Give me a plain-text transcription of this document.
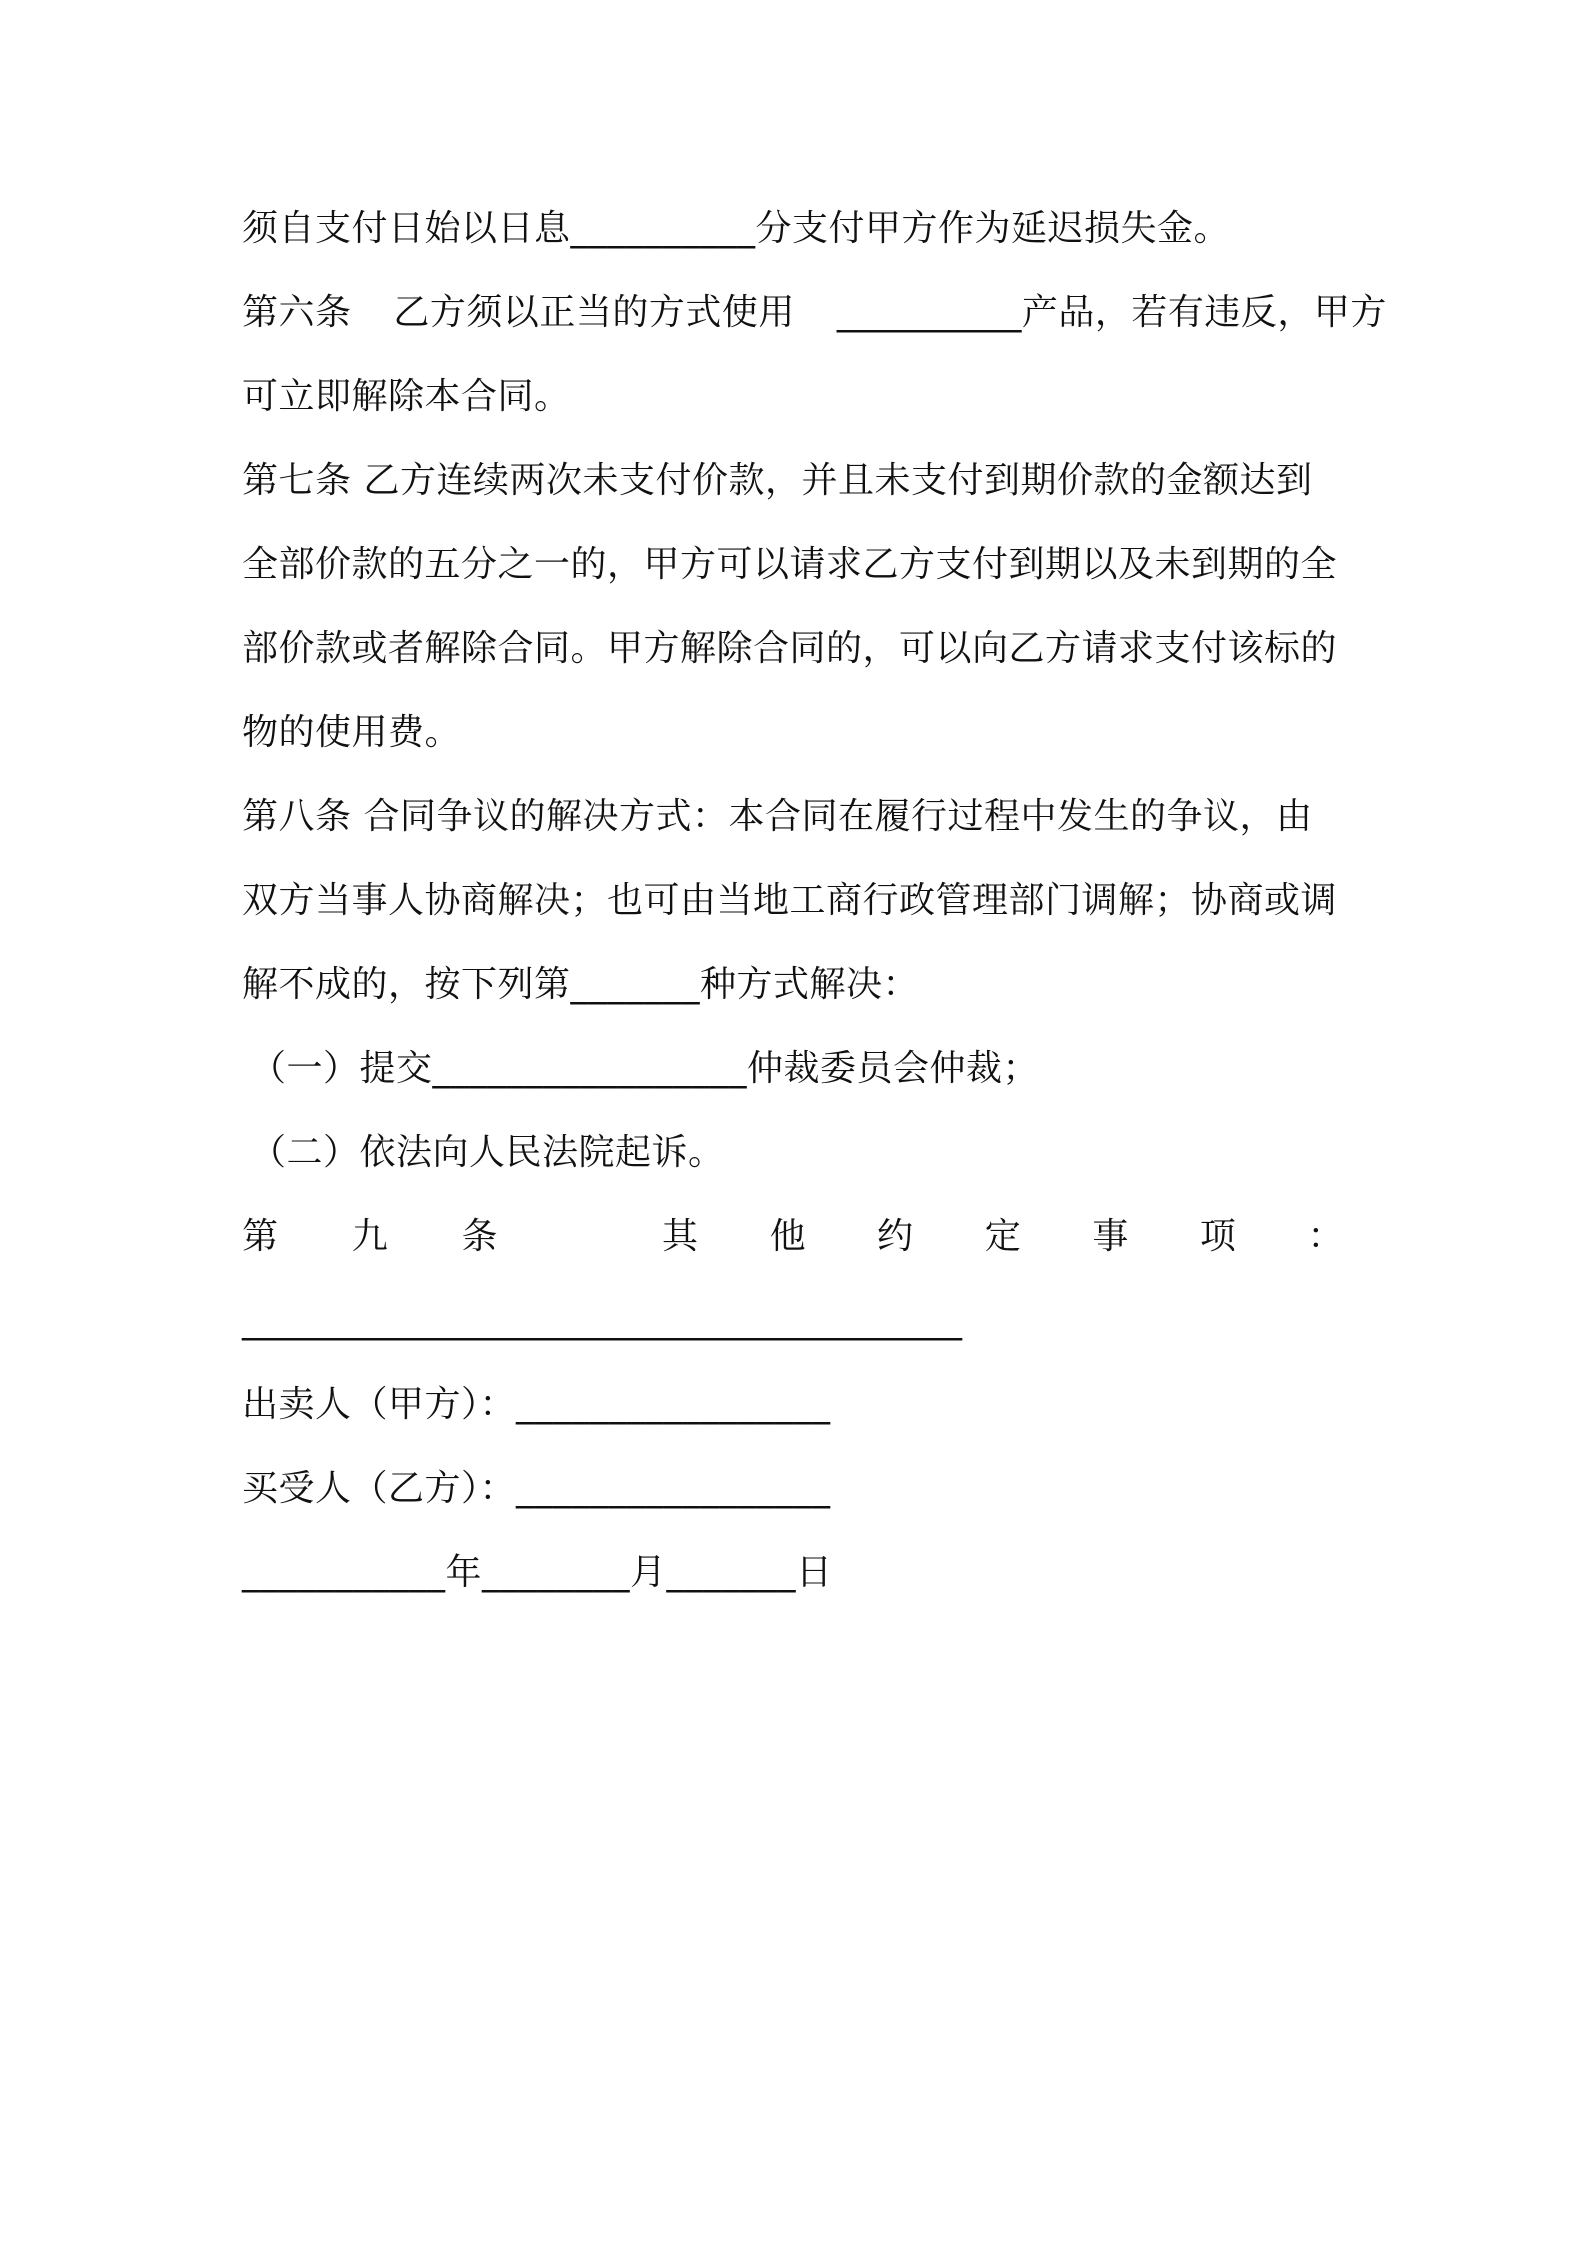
须自支付日始以日息__________分支付甲方作为延迟损失金。
第六条 乙方须以正当的方式使用 __________产品，若有违反，甲方
可立即解除本合同。
第七条 乙方连续两次未支付价款，并且未支付到期价款的金额达到
全部价款的五分之一的，甲方可以请求乙方支付到期以及未到期的全
部价款或者解除合同。甲方解除合同的，可以向乙方请求支付该标的
物的使用费。
第八条 合同争议的解决方式：本合同在履行过程中发生的争议，由
双方当事人协商解决；也可由当地工商行政管理部门调解；协商或调
解不成的，按下列第_______种方式解决：
（一）提交_________________仲裁委员会仲裁；
（二）依法向人民法院起诉。
第 九 条	其 他 约 定 事 项 ：
________________________________________
出卖人（甲方）：_________________
买受人（乙方）：_________________
___________年________月_______日
